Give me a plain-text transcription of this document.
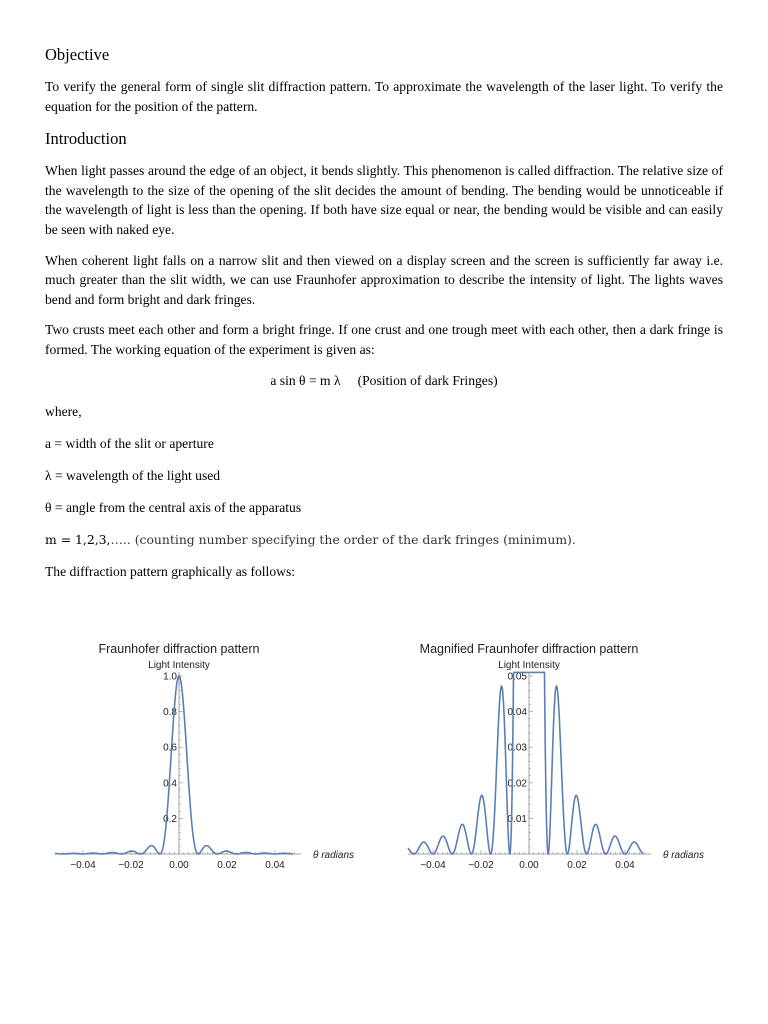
Objective

To verify the general form of single slit diffraction pattern. To approximate the wavelength of the laser light. To verify the equation for the position of the pattern.

Introduction

When light passes around the edge of an object, it bends slightly. This phenomenon is called diffraction. The relative size of the wavelength to the size of the opening of the slit decides the amount of bending. The bending would be unnoticeable if the wavelength of light is less than the opening. If both have size equal or near, the bending would be visible and can easily be seen with naked eye.

When coherent light falls on a narrow slit and then viewed on a display screen and the screen is sufficiently far away i.e. much greater than the slit width, we can use Fraunhofer approximation to describe the intensity of light. The lights waves bend and form bright and dark fringes.

Two crusts meet each other and form a bright fringe. If one crust and one trough meet with each other, then a dark fringe is formed. The working equation of the experiment is given as:

a sin θ = m λ     (Position of dark Fringes)

where,

a = width of the slit or aperture

λ = wavelength of the light used

θ = angle from the central axis of the apparatus

m = 1,2,3,….. (counting number specifying the order of the dark fringes (minimum).

The diffraction pattern graphically as follows:

Fraunhofer diffraction pattern
Light Intensity
−0.04 −0.02	0.00	0.02	0.04
0.2
0.4
0.6
0.8
1.0
θ radians
Magnified Fraunhofer diffraction pattern
Light Intensity
−0.04 −0.02	0.00	0.02	0.04
0.01
0.02
0.03
0.04
0.05
θ radians
